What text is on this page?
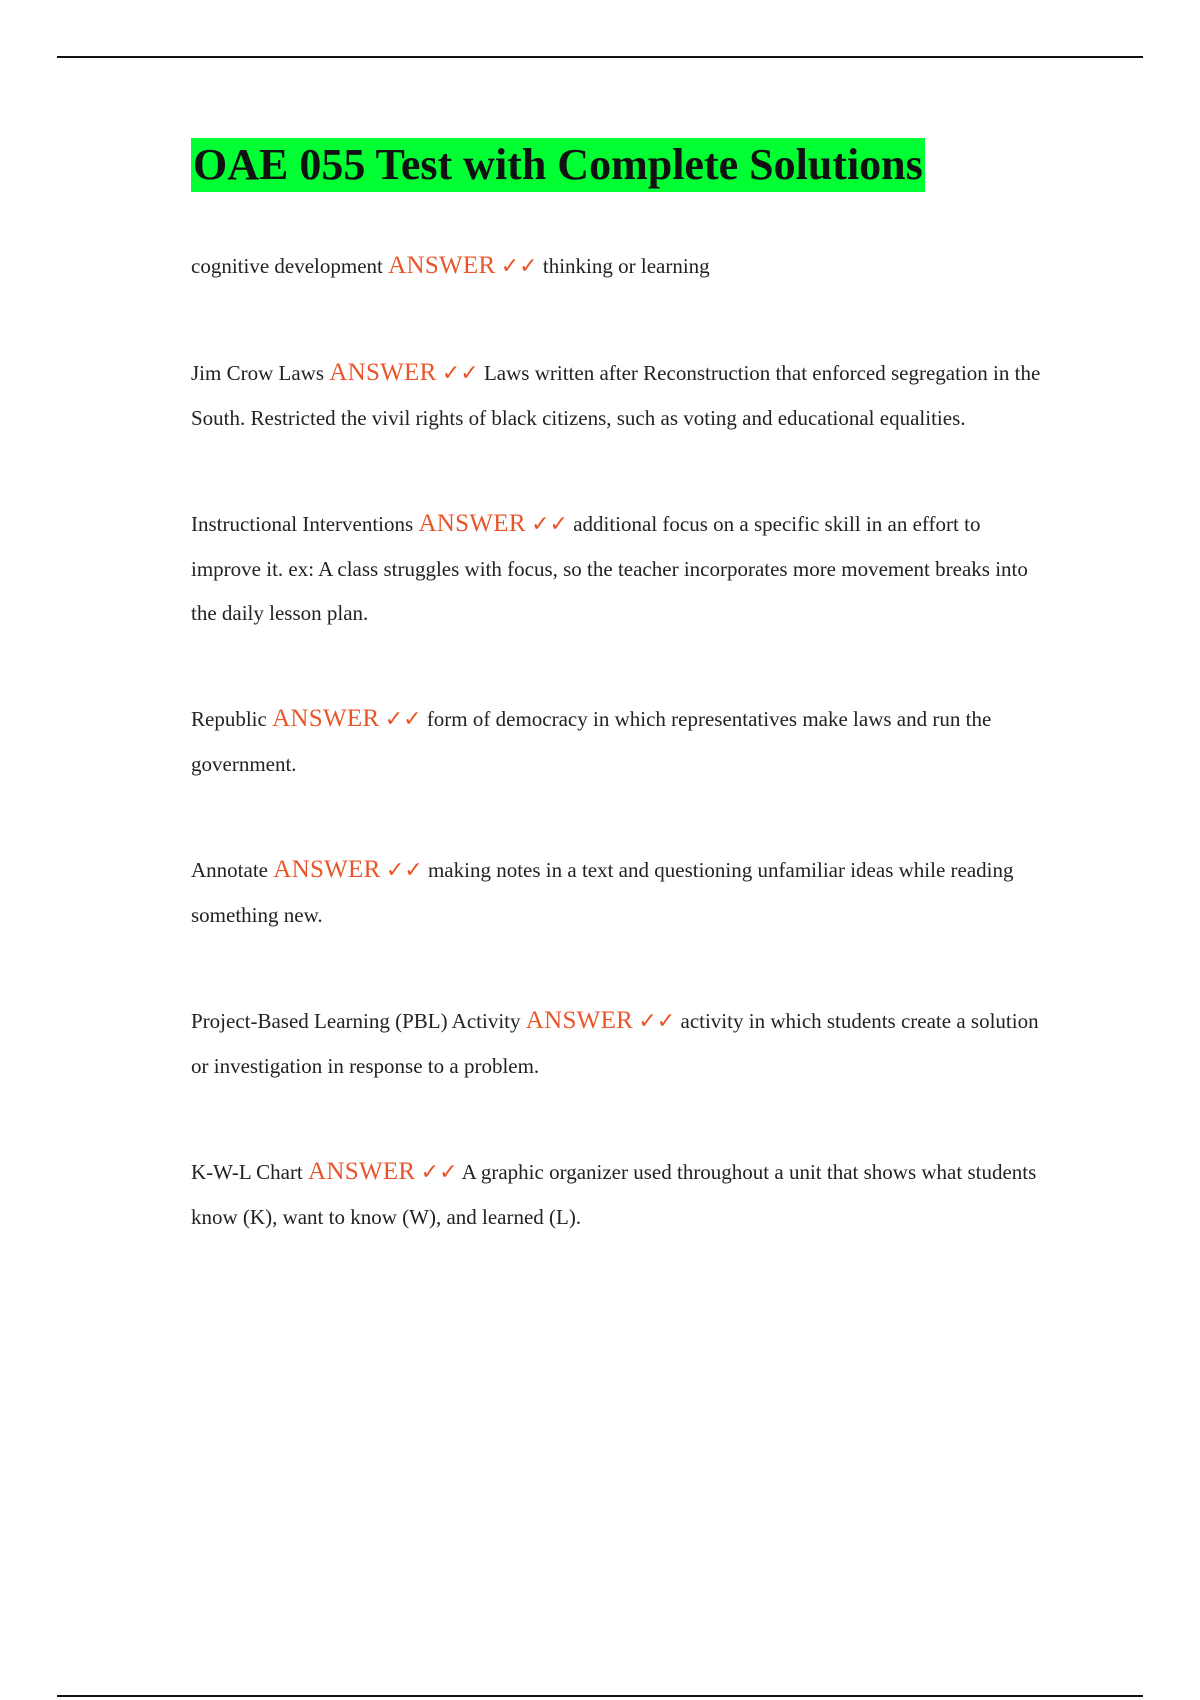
OAE 055 Test with Complete Solutions

cognitive development ANSWER ✓✓ thinking or learning

Jim Crow Laws ANSWER ✓✓ Laws written after Reconstruction that enforced segregation in the South. Restricted the vivil rights of black citizens, such as voting and educational equalities.

Instructional Interventions ANSWER ✓✓ additional focus on a specific skill in an effort to improve it. ex: A class struggles with focus, so the teacher incorporates more movement breaks into the daily lesson plan.

Republic ANSWER ✓✓ form of democracy in which representatives make laws and run the government.

Annotate ANSWER ✓✓ making notes in a text and questioning unfamiliar ideas while reading something new.

Project-Based Learning (PBL) Activity ANSWER ✓✓ activity in which students create a solution or investigation in response to a problem.

K-W-L Chart ANSWER ✓✓ A graphic organizer used throughout a unit that shows what students know (K), want to know (W), and learned (L).
